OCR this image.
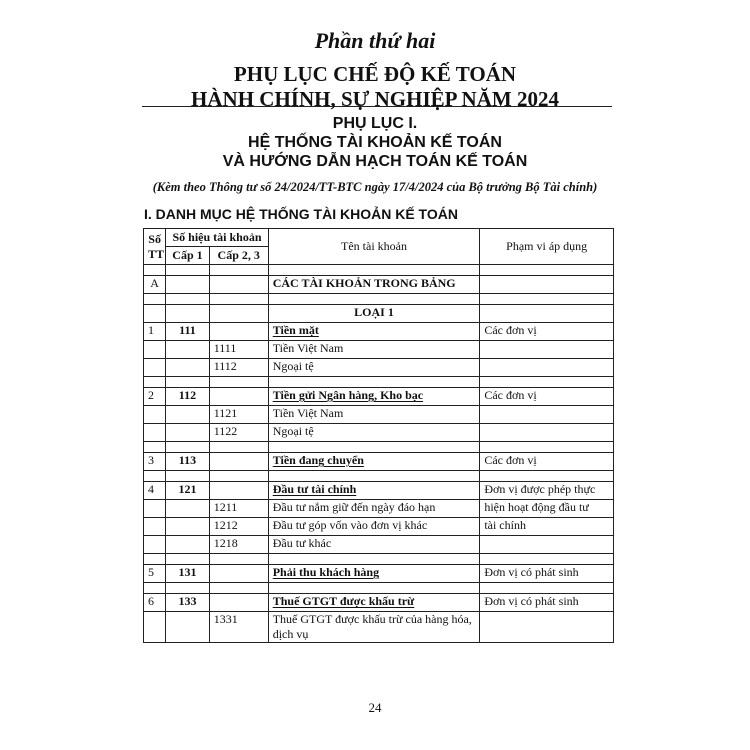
Phần thứ hai
PHỤ LỤC CHẾ ĐỘ KẾ TOÁN
HÀNH CHÍNH, SỰ NGHIỆP NĂM 2024
PHỤ LỤC I.
HỆ THỐNG TÀI KHOẢN KẾ TOÁN
VÀ HƯỚNG DẪN HẠCH TOÁN KẾ TOÁN
(Kèm theo Thông tư số 24/2024/TT-BTC ngày 17/4/2024 của Bộ trưởng Bộ Tài chính)
I. DANH MỤC HỆ THỐNG TÀI KHOẢN KẾ TOÁN
Số
TT	Số hiệu tài khoản		Tên tài khoản	Phạm vi áp dụng
	Cấp 1	Cấp 2, 3		

A			CÁC TÀI KHOẢN TRONG BẢNG	

			LOẠI 1	
1	111		Tiền mặt	Các đơn vị
		1111	Tiền Việt Nam	
		1112	Ngoại tệ	

2	112		Tiền gửi Ngân hàng, Kho bạc	Các đơn vị
		1121	Tiền Việt Nam	
		1122	Ngoại tệ	

3	113		Tiền đang chuyển	Các đơn vị

4	121		Đầu tư tài chính	Đơn vị được phép thực
		1211	Đầu tư nắm giữ đến ngày đáo hạn	hiện hoạt động đầu tư
		1212	Đầu tư góp vốn vào đơn vị khác	tài chính
		1218	Đầu tư khác	

5	131		Phải thu khách hàng	Đơn vị có phát sinh

6	133		Thuế GTGT được khấu trừ	Đơn vị có phát sinh
		1331	Thuế GTGT được khấu trừ của hàng hóa, dịch vụ	
24
